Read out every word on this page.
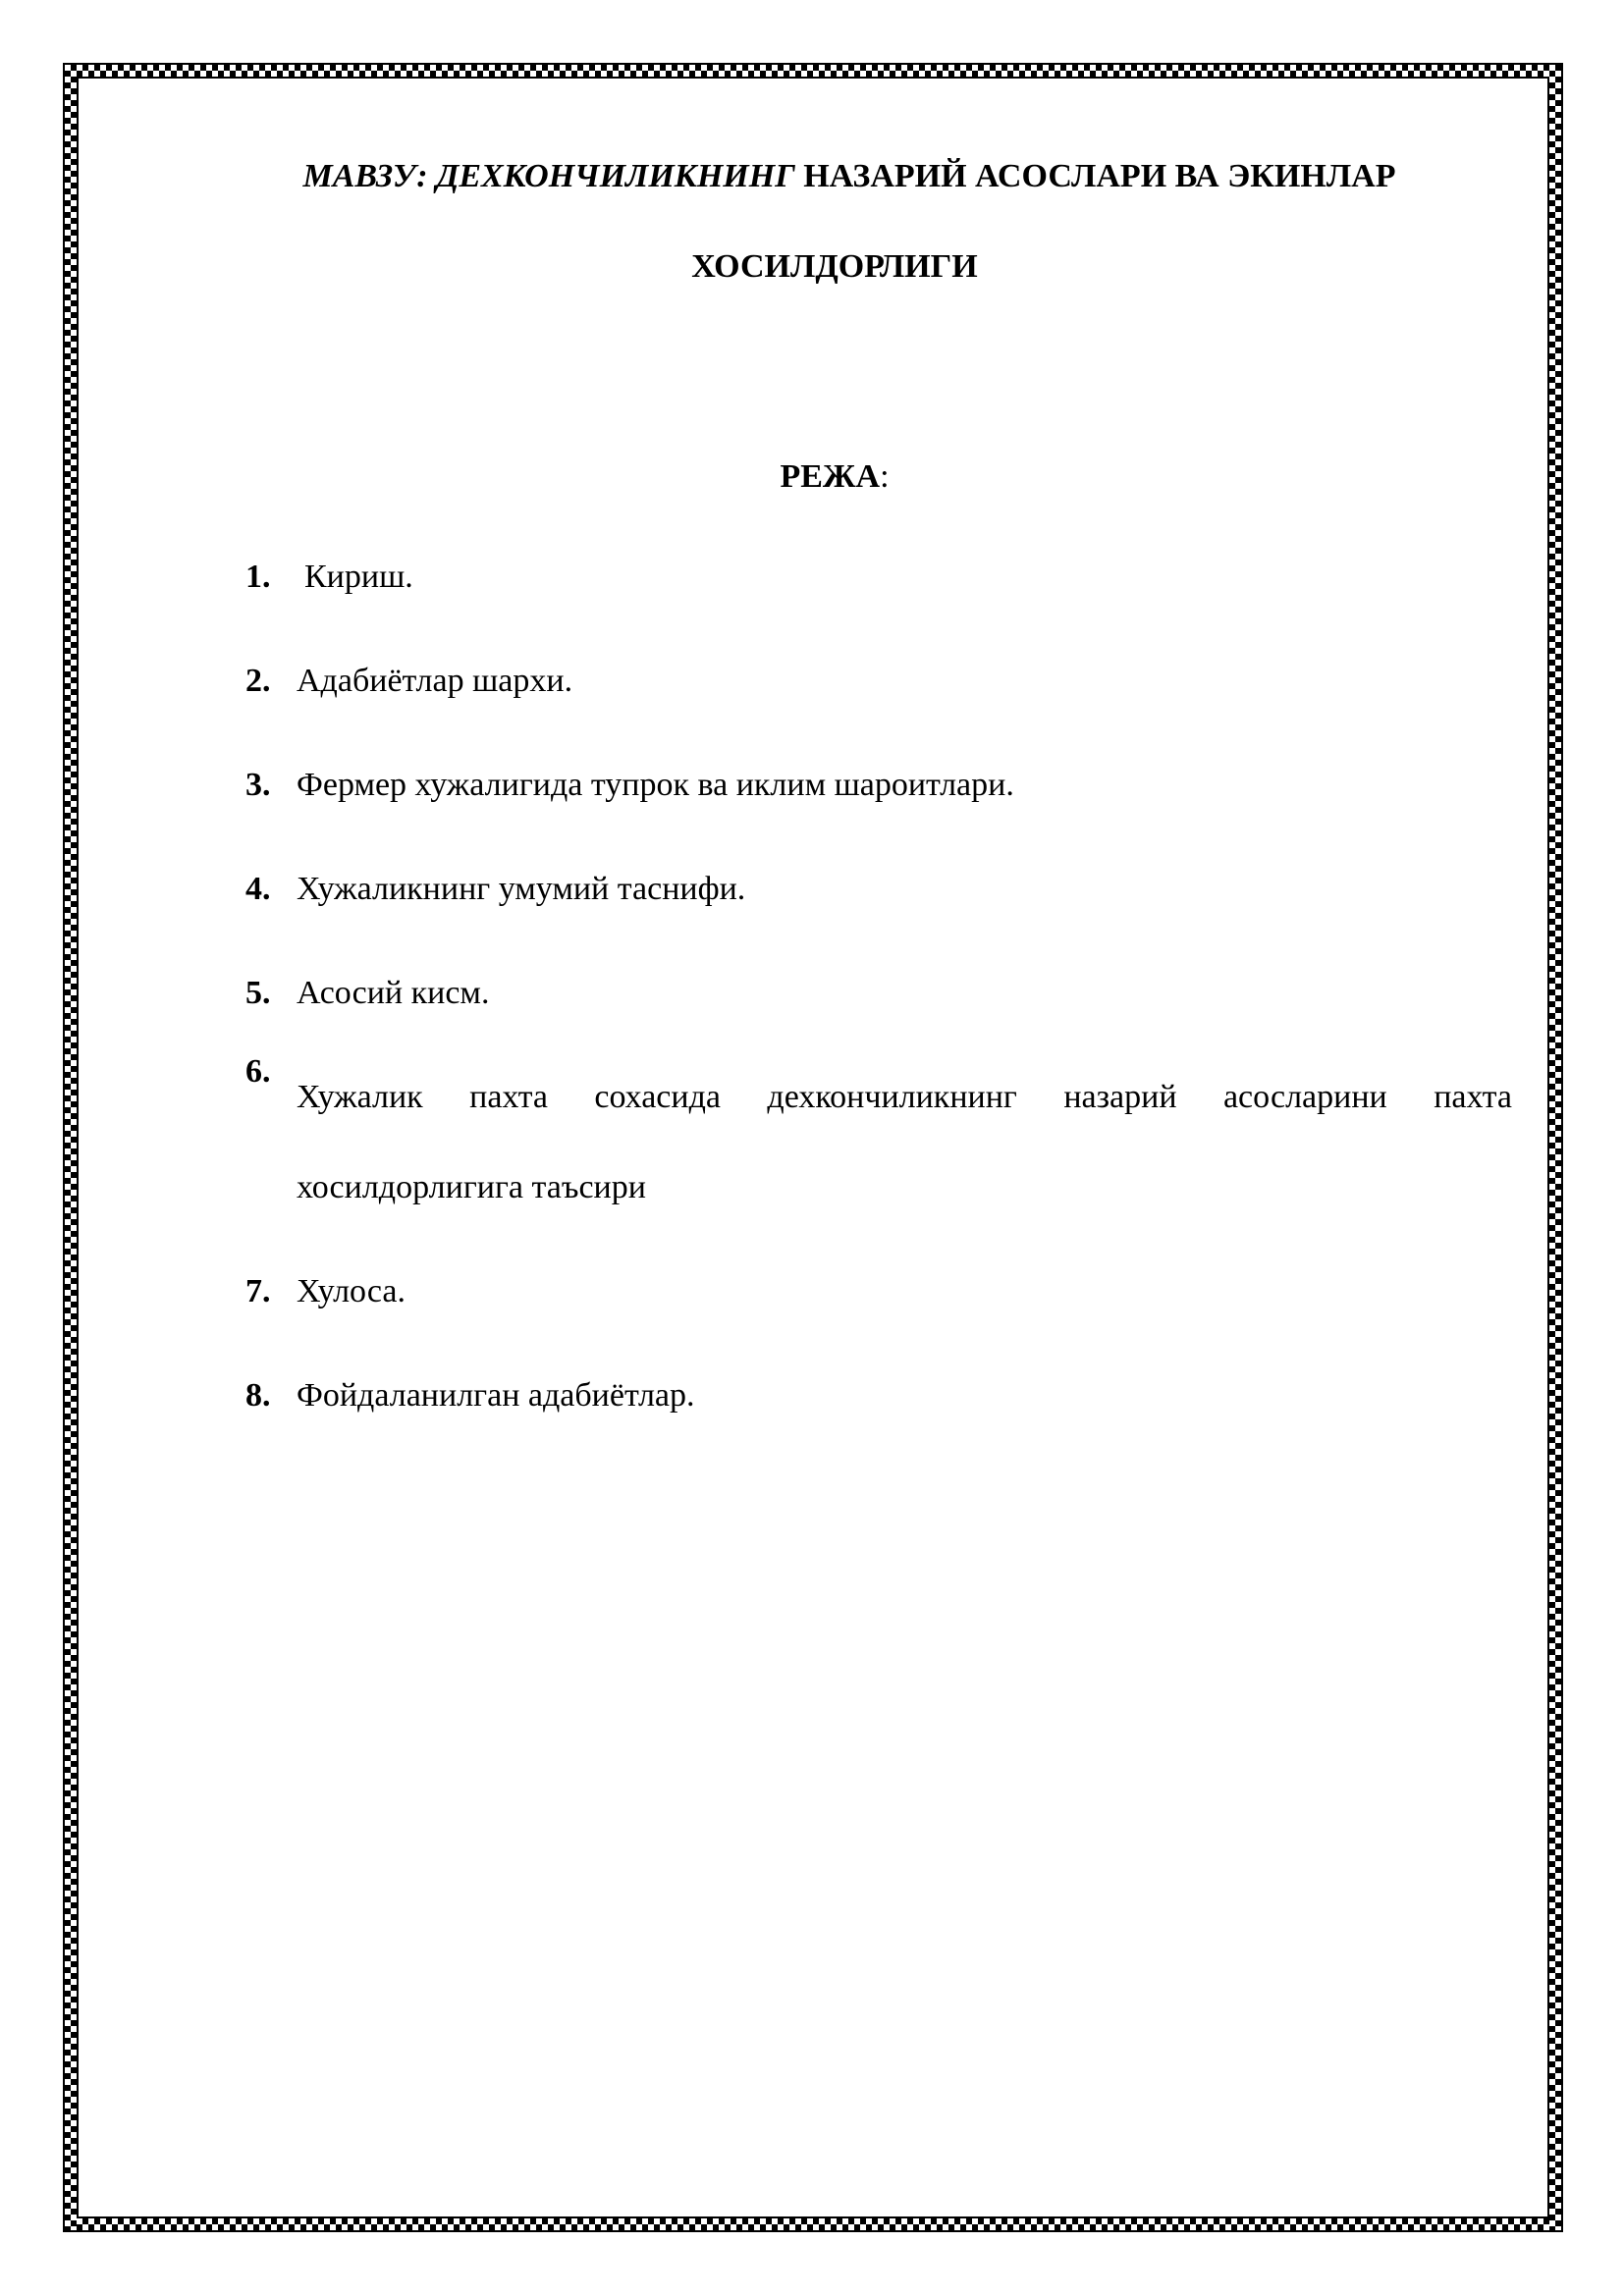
МАВЗУ: ДЕХКОНЧИЛИКНИНГ НАЗАРИЙ АСОСЛАРИ ВА ЭКИНЛАР
ХОСИЛДОРЛИГИ
РЕЖА:
1. Кириш.
2. Адабиётлар шархи.
3. Фермер хужалигида тупрок ва иклим шароитлари.
4. Хужаликнинг умумий таснифи.
5. Асосий кисм.
6.
Хужалик пахта сохасида дехкончиликнинг назарий асосларини пахта хосилдорлигига таъсири
7. Хулоса.
8. Фойдаланилган адабиётлар.
